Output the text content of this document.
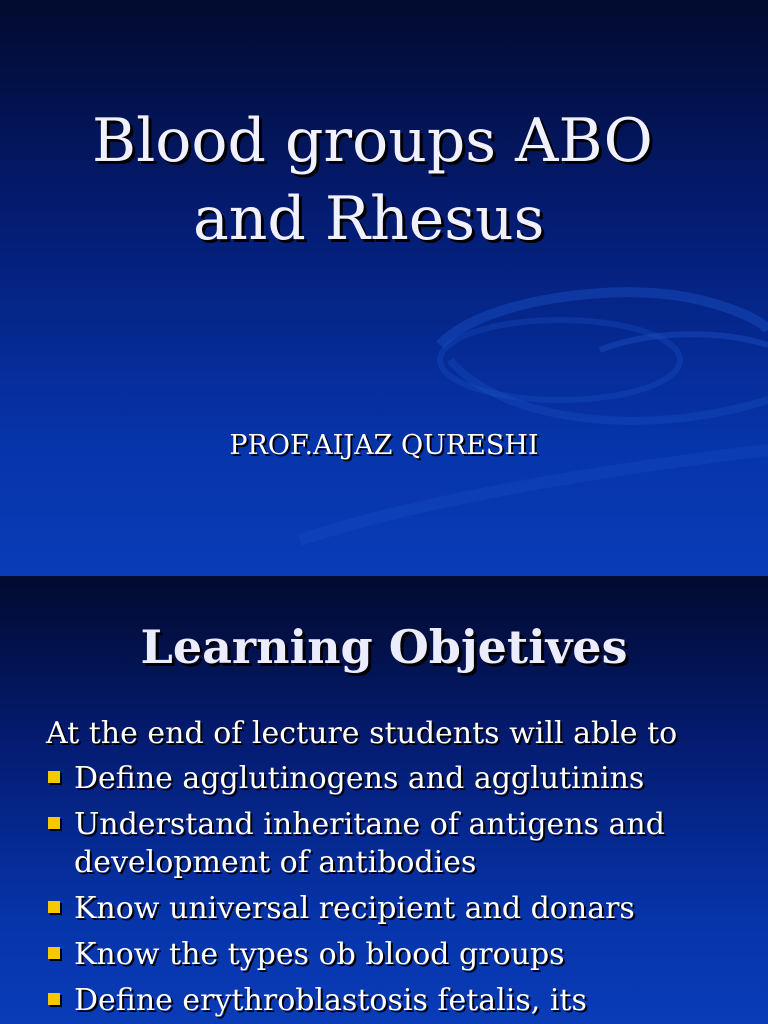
Blood groups ABO
and Rhesus
PROF.AIJAZ QURESHI
Learning Objetives
At the end of lecture students will able to
Define agglutinogens and agglutinins
Understand inheritane of antigens and development of antibodies
Know universal recipient and donars
Know the types ob blood groups
Define erythroblastosis fetalis, its
